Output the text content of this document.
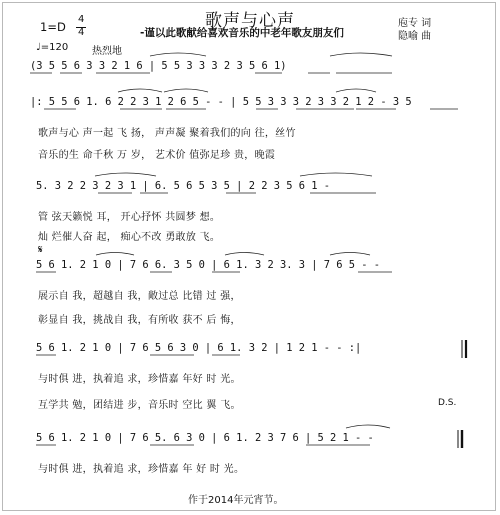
歌声与心声
-谨以此歌献给喜欢音乐的中老年歌友朋友们
1=D
4
4
♩=120 热烈地
庖专 词
隐喻 曲
(3 5 5 6 3 3 2 1 6 | 5 5 3 3 3 2 3 5 6 1)
|: 5 5 6 1. 6 2 2 3 1 2 6 5 - - | 5 5 3 3 3 2 3 3 2 1 2 - 3 5
歌声与心 声一起 飞 扬， 声声凝 聚着我们的向 往，丝竹
音乐的生 命千秋 万 岁， 艺术价 值弥足珍 贵，晚霞
5. 3 2 2 3 2 3 1 | 6. 5 6 5 3 5 | 2 2 3 5 6 1 -
管 弦天籁悦 耳， 开心抒怀 共圆梦 想。
灿 烂催人奋 起， 痴心不改 勇敢放 飞。
𝄋
5 6 1. 2 1 0 | 7 6 6. 3 5 0 | 6 1. 3 2 3. 3 | 7 6 5 - -
展示自 我，超越自 我，敞过总 比错 过 强，
彰显自 我，挑战自 我，有所收 获不 后 悔，
5 6 1. 2 1 0 | 7 6 5 6 3 0 | 6 1. 3 2 | 1 2 1 - - :|
与时俱 进，执着追 求，珍惜嘉 年好 时 光。
互学共 勉，团结进 步，音乐时 空比 翼 飞。	D.S.
5 6 1. 2 1 0 | 7 6 5. 6 3 0 | 6 1. 2 3 7 6 | 5 2 1 - -
与时俱 进，执着追 求，珍惜嘉 年 好 时 光。
作于2014年元宵节。
